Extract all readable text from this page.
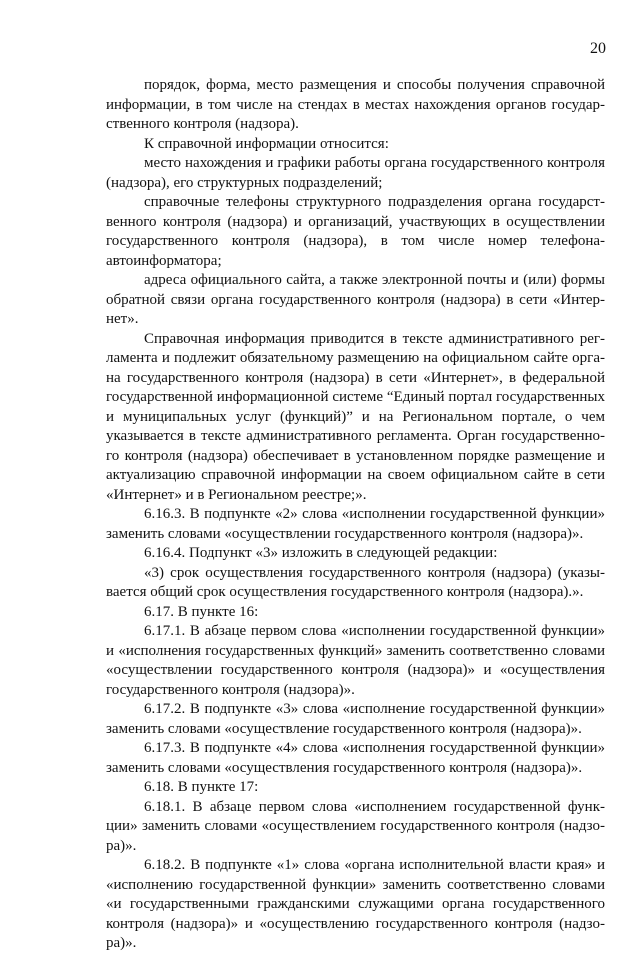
20

порядок, форма, место размещения и способы получения справочной информации, в том числе на стендах в местах нахождения органов государственного контроля (надзора).

К справочной информации относится:

место нахождения и графики работы органа государственного контроля (надзора), его структурных подразделений;

справочные телефоны структурного подразделения органа государственного контроля (надзора) и организаций, участвующих в осуществлении государственного контроля (надзора), в том числе номер телефона-автоинформатора;

адреса официального сайта, а также электронной почты и (или) формы обратной связи органа государственного контроля (надзора) в сети «Интернет».

Справочная информация приводится в тексте административного регламента и подлежит обязательному размещению на официальном сайте органа государственного контроля (надзора) в сети «Интернет», в федеральной государственной информационной системе “Единый портал государственных и муниципальных услуг (функций)” и на Региональном портале, о чем указывается в тексте административного регламента. Орган государственного контроля (надзора) обеспечивает в установленном порядке размещение и актуализацию справочной информации на своем официальном сайте в сети «Интернет» и в Региональном реестре;».

6.16.3. В подпункте «2» слова «исполнении государственной функции» заменить словами «осуществлении государственного контроля (надзора)».

6.16.4. Подпункт «3» изложить в следующей редакции:

«3) срок осуществления государственного контроля (надзора) (указывается общий срок осуществления государственного контроля (надзора).».

6.17. В пункте 16:

6.17.1. В абзаце первом слова «исполнении государственной функции» и «исполнения государственных функций» заменить соответственно словами «осуществлении государственного контроля (надзора)» и «осуществления государственного контроля (надзора)».

6.17.2. В подпункте «3» слова «исполнение государственной функции» заменить словами «осуществление государственного контроля (надзора)».

6.17.3. В подпункте «4» слова «исполнения государственной функции» заменить словами «осуществления государственного контроля (надзора)».

6.18. В пункте 17:

6.18.1. В абзаце первом слова «исполнением государственной функции» заменить словами «осуществлением государственного контроля (надзора)».

6.18.2. В подпункте «1» слова «органа исполнительной власти края» и «исполнению государственной функции» заменить соответственно словами «и государственными гражданскими служащими органа государственного контроля (надзора)» и «осуществлению государственного контроля (надзора)».
